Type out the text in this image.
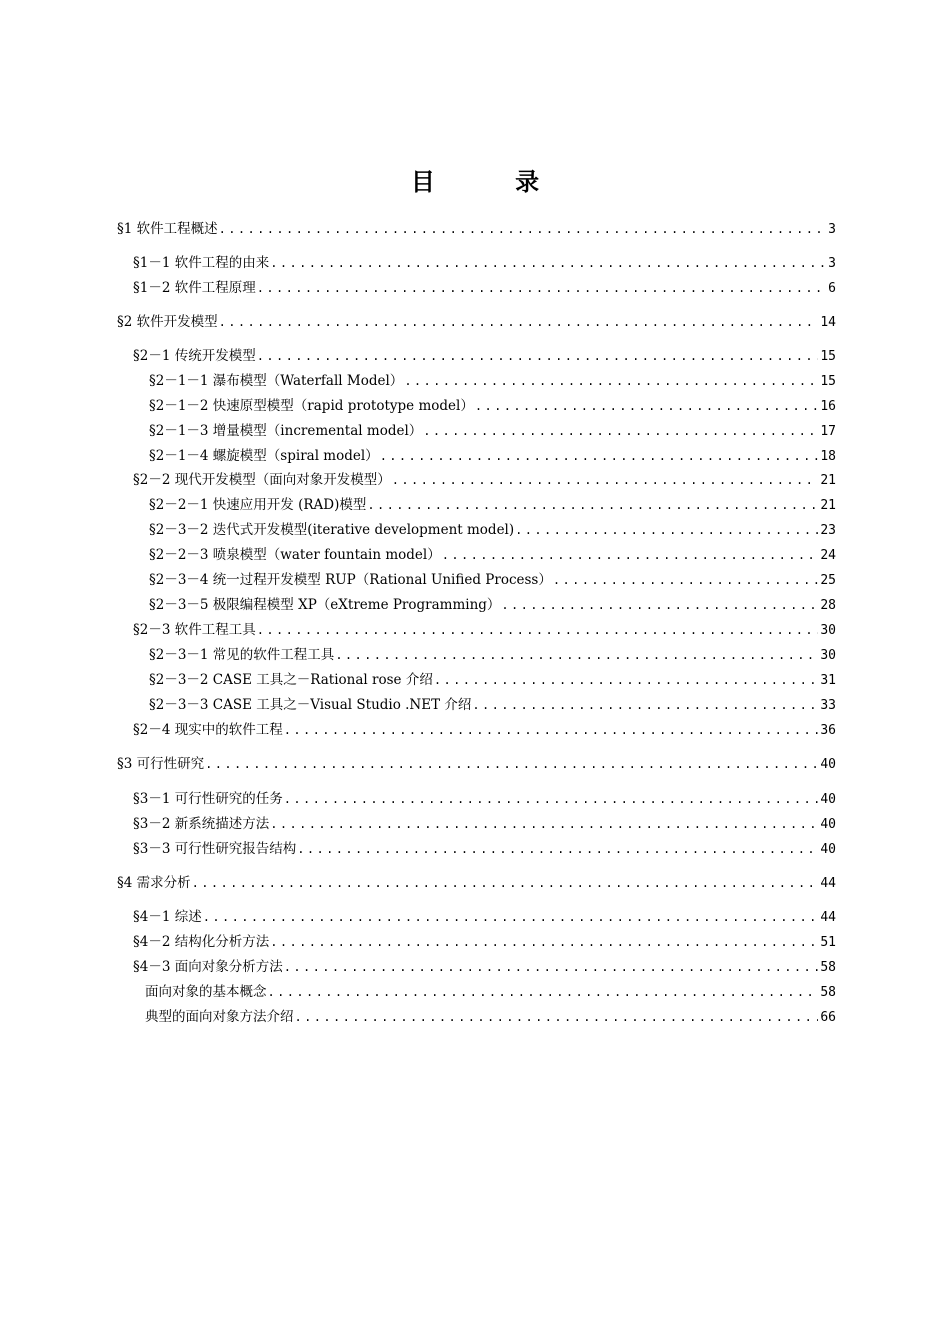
目 录
§1 软件工程概述 .....	3
§1－1 软件工程的由来 .....	3
§1－2 软件工程原理 .....	6
§2 软件开发模型 .....	14
§2－1 传统开发模型 .....	15
§2－1－1 瀑布模型（Waterfall Model） .....	15
§2－1－2 快速原型模型（rapid prototype model） .....	16
§2－1－3 增量模型（incremental model） .....	17
§2－1－4 螺旋模型（spiral model） .....	18
§2－2 现代开发模型（面向对象开发模型） .....	21
§2－2－1 快速应用开发 (RAD)模型 .....	21
§2－3－2 迭代式开发模型(iterative development model) .....	23
§2－2－3 喷泉模型（water fountain model） .....	24
§2－3－4 统一过程开发模型 RUP（Rational Unified Process） .....	25
§2－3－5 极限编程模型 XP（eXtreme Programming） .....	28
§2－3 软件工程工具 .....	30
§2－3－1 常见的软件工程工具 .....	30
§2－3－2 CASE 工具之－Rational rose 介绍 .....	31
§2－3－3 CASE 工具之－Visual Studio .NET 介绍 .....	33
§2－4 现实中的软件工程 .....	36
§3 可行性研究 .....	40
§3－1 可行性研究的任务 .....	40
§3－2 新系统描述方法 .....	40
§3－3 可行性研究报告结构 .....	40
§4 需求分析 .....	44
§4－1 综述 .....	44
§4－2 结构化分析方法 .....	51
§4－3 面向对象分析方法 .....	58
面向对象的基本概念 .....	58
典型的面向对象方法介绍 .....	66
